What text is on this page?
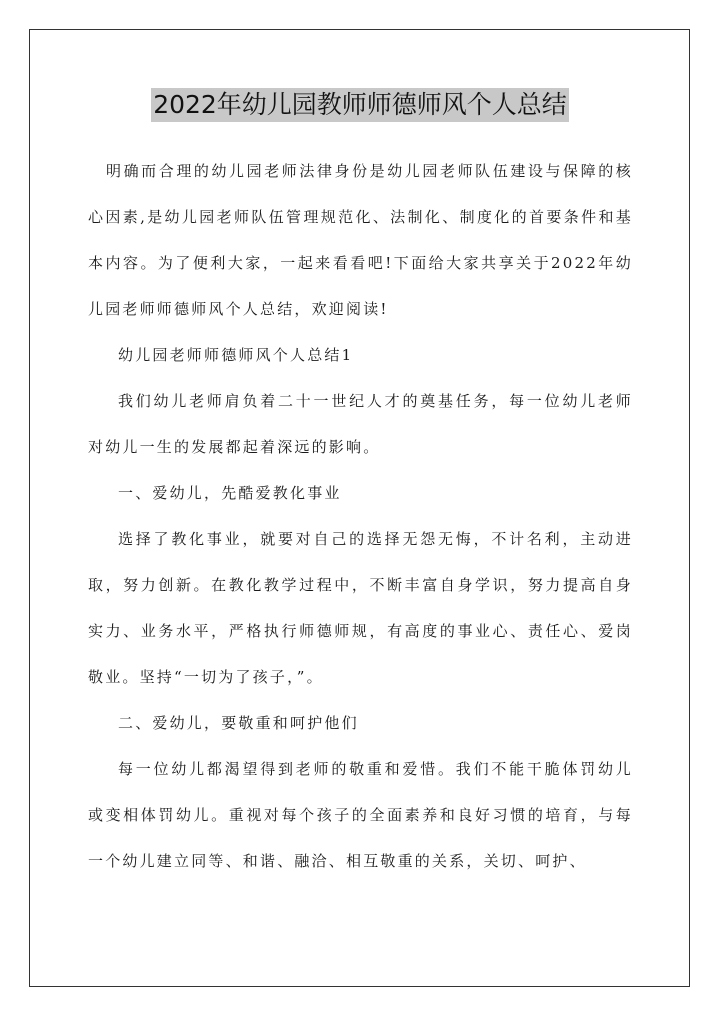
2022年幼儿园教师师德师风个人总结

明确而合理的幼儿园老师法律身份是幼儿园老师队伍建设与保障的核心因素,是幼儿园老师队伍管理规范化、法制化、制度化的首要条件和基本内容。为了便利大家，一起来看看吧!下面给大家共享关于2022年幼儿园老师师德师风个人总结，欢迎阅读!

幼儿园老师师德师风个人总结1

我们幼儿老师肩负着二十一世纪人才的奠基任务，每一位幼儿老师对幼儿一生的发展都起着深远的影响。

一、爱幼儿，先酷爱教化事业

选择了教化事业，就要对自己的选择无怨无悔，不计名利，主动进取，努力创新。在教化教学过程中，不断丰富自身学识，努力提高自身实力、业务水平，严格执行师德师规，有高度的事业心、责任心、爱岗敬业。坚持“一切为了孩子，”。

二、爱幼儿，要敬重和呵护他们

每一位幼儿都渴望得到老师的敬重和爱惜。我们不能干脆体罚幼儿或变相体罚幼儿。重视对每个孩子的全面素养和良好习惯的培育，与每一个幼儿建立同等、和谐、融洽、相互敬重的关系，关切、呵护、
